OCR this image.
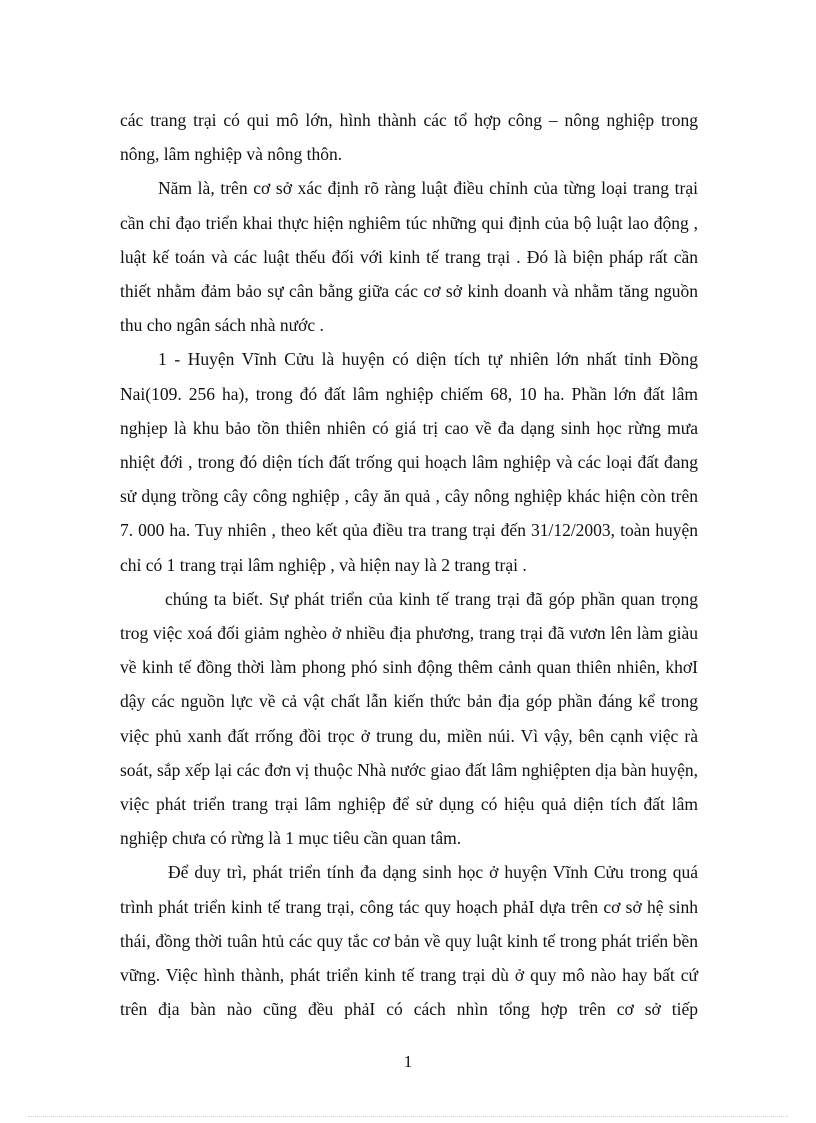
các trang trại có qui mô lớn, hình thành các tổ hợp công – nông nghiệp trong nông, lâm nghiệp và nông thôn.

Năm là, trên cơ sở xác định rõ ràng luật điều chỉnh của từng loại trang trại cần chỉ đạo triển khai thực hiện nghiêm túc những qui định của bộ luật lao động , luật kế toán và các luật thếu đối với kinh tế trang trại . Đó là biện pháp rất cần thiết nhằm đảm bảo sự cân bằng giữa các cơ sở kinh doanh và nhằm tăng nguồn thu cho ngân sách nhà nước .

1 - Huyện Vĩnh Cửu là huyện có diện tích tự nhiên lớn nhất tỉnh Đồng Nai(109. 256 ha), trong đó đất lâm nghiệp chiếm 68, 10 ha. Phần lớn đất lâm nghịep là khu bảo tồn thiên nhiên có giá trị cao về đa dạng sinh học rừng mưa nhiệt đới , trong đó diện tích đất trống qui hoạch lâm nghiệp và các loại đất đang sử dụng trồng cây công nghiệp , cây ăn quả , cây nông nghiệp khác hiện còn trên 7. 000 ha. Tuy nhiên , theo kết qủa điều tra trang trại đến 31/12/2003, toàn huyện chỉ có 1 trang trại lâm nghiệp , và hiện nay là 2 trang trại .

chúng ta biết. Sự phát triển của kinh tế trang trại đã góp phần quan trọng trog việc xoá đối giảm nghèo ở nhiều địa phương, trang trại đã vươn lên làm giàu về kinh tế đồng thời làm phong phó sinh động thêm cảnh quan thiên nhiên, khơI dậy các nguồn lực về cả vật chất lẫn kiến thức bản địa góp phần đáng kể trong việc phủ xanh đất rrống đồi trọc ở trung du, miền núi. Vì vậy, bên cạnh việc rà soát, sắp xếp lại các đơn vị thuộc Nhà nước giao đất lâm nghiệpten dịa bàn huyện, việc phát triển trang trại lâm nghiệp để sử dụng có hiệu quả diện tích đất lâm nghiệp chưa có rừng là 1 mục tiêu cần quan tâm.

Để duy trì, phát triển tính đa dạng sinh học ở huyện Vĩnh Cửu trong quá trình phát triển kinh tế trang trại, công tác quy hoạch phảI dựa trên cơ sở hệ sinh thái, đồng thời tuân htủ các quy tắc cơ bản về quy luật kinh tế trong phát triển bền vững. Việc hình thành, phát triển kinh tế trang trại dù ở quy mô nào hay bất cứ trên địa bàn nào cũng đều phảI có cách nhìn tổng hợp trên cơ sở tiếp

1
